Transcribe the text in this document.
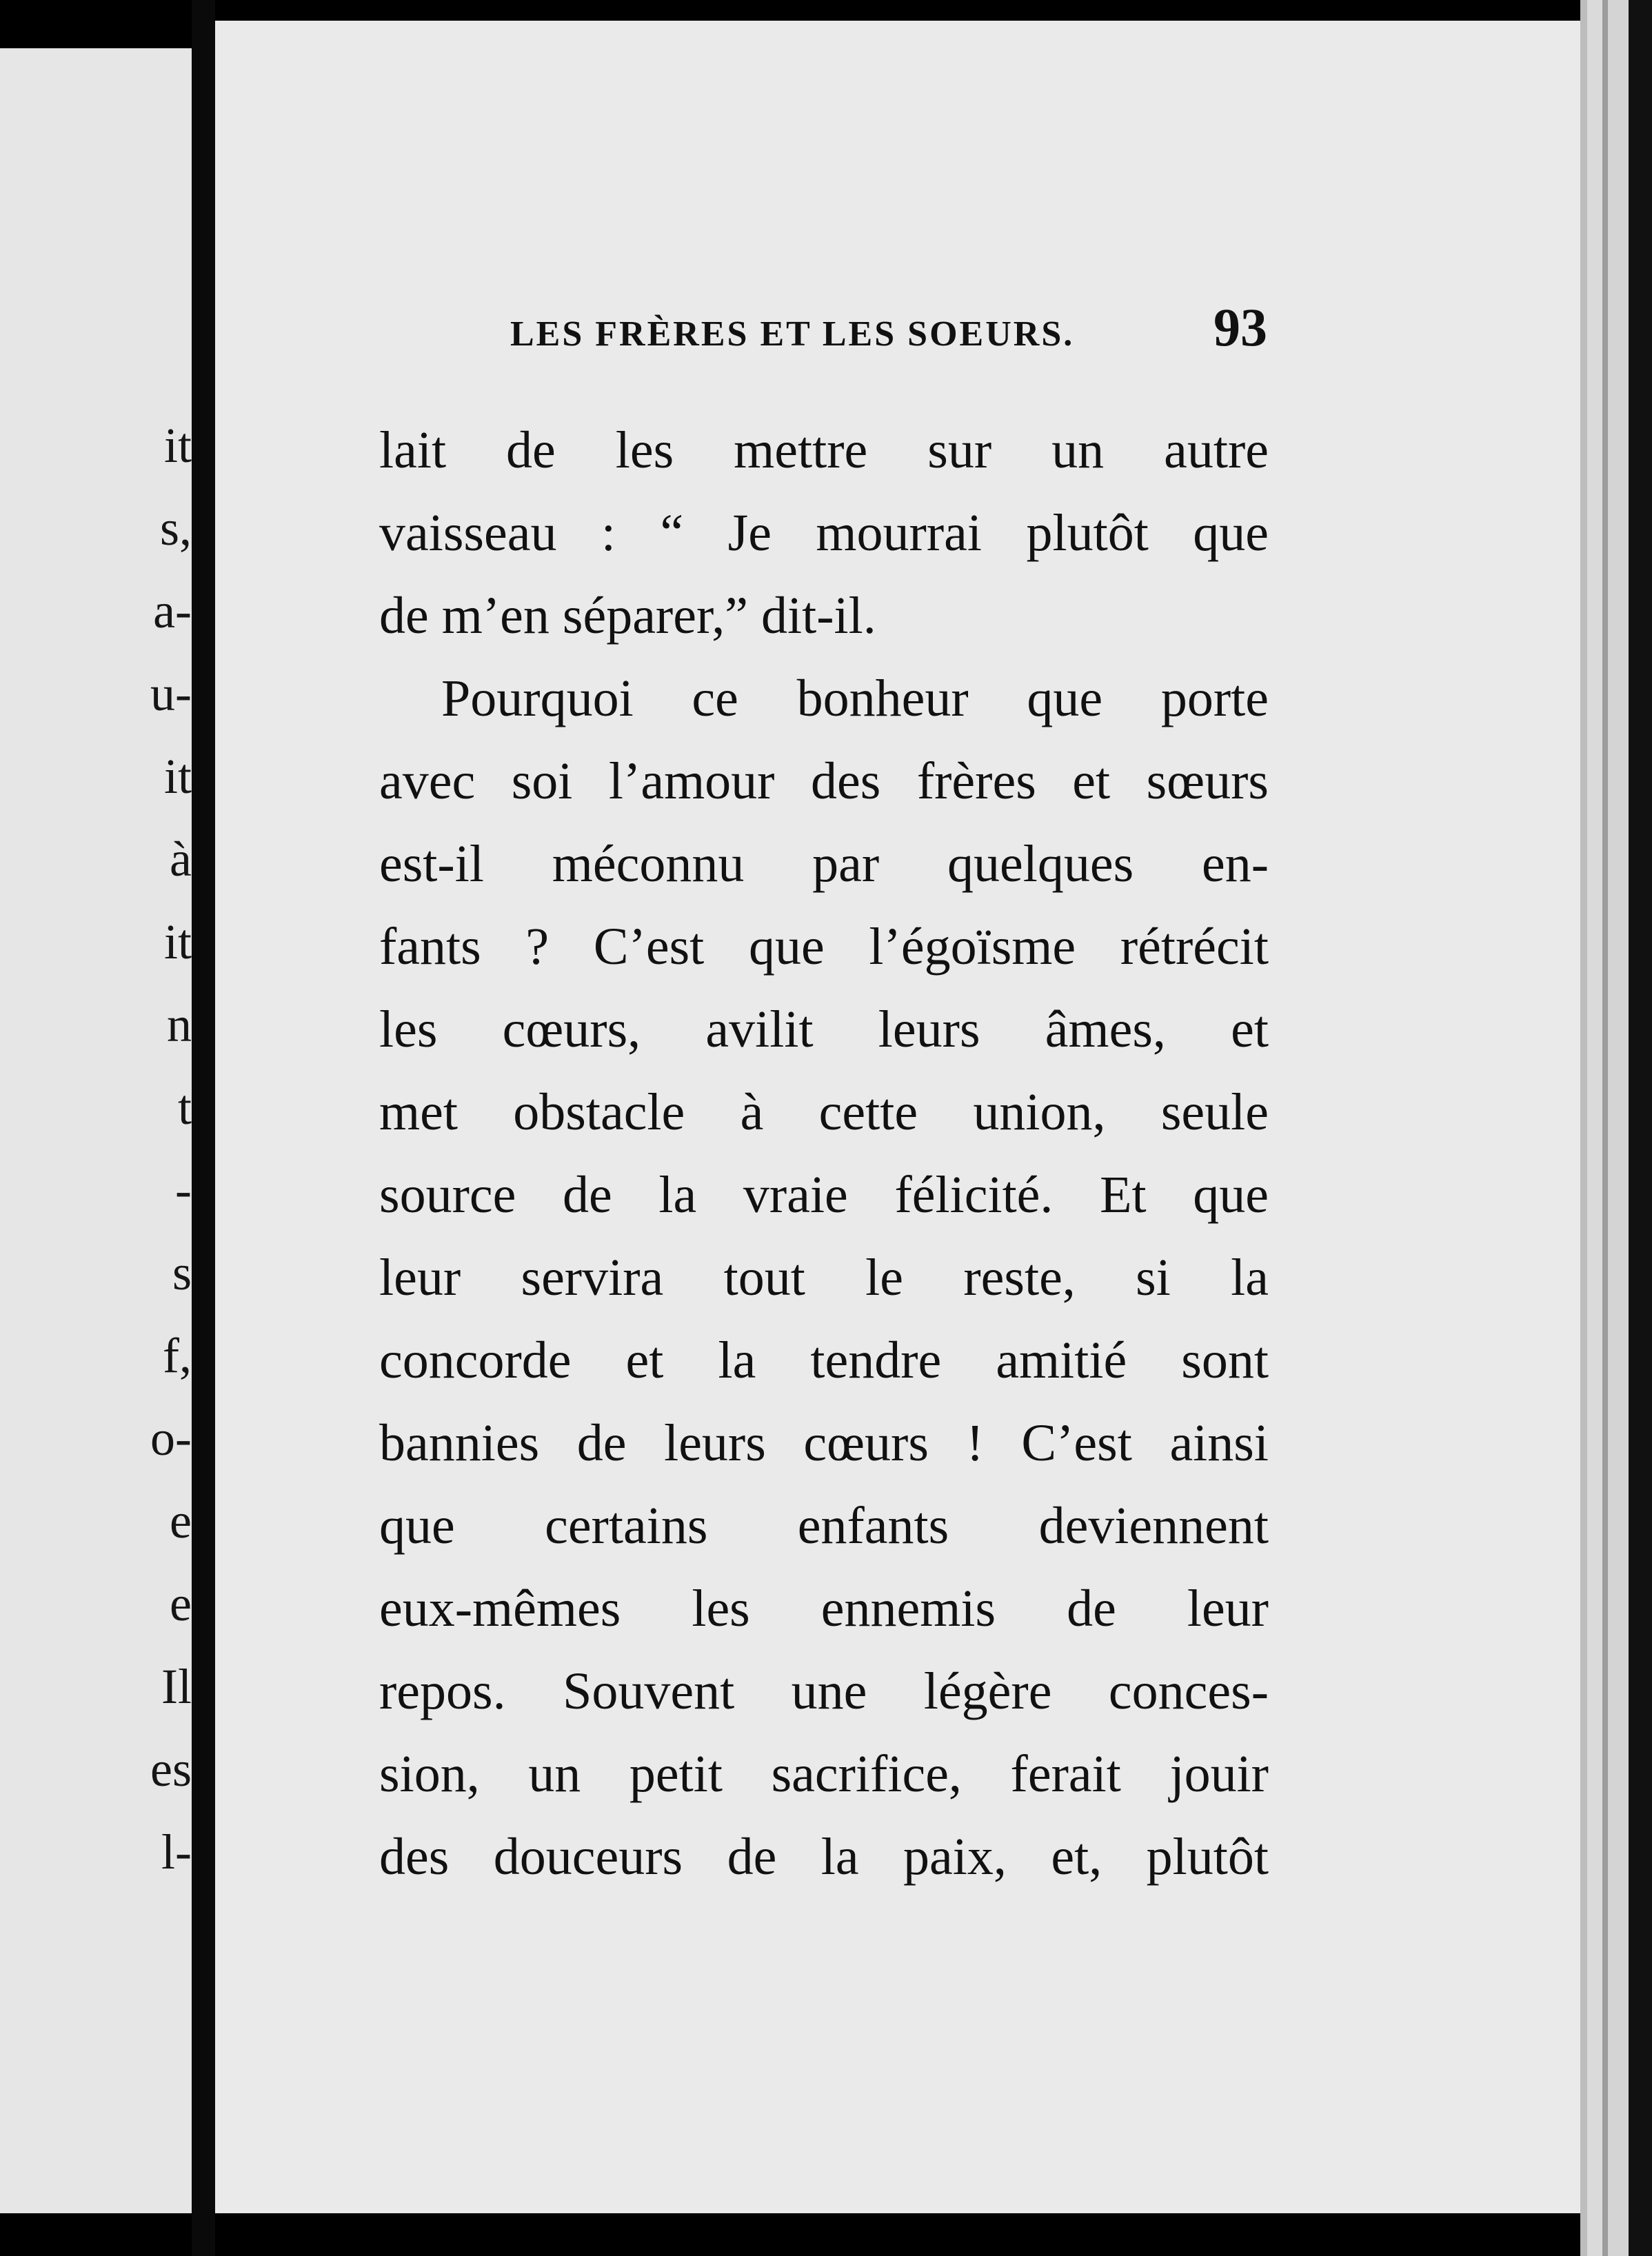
it
s,
a-
u-
it
à
it
n
t
-
s
f,
o-
e
e
Il
es
l-
LES FRÈRES ET LES SOEURS.	93
lait de les mettre sur un autre
vaisseau : “ Je mourrai plutôt que
de m’en séparer,” dit-il.
Pourquoi ce bonheur que porte
avec soi l’amour des frères et sœurs
est-il méconnu par quelques en-
fants ? C’est que l’égoïsme rétrécit
les cœurs, avilit leurs âmes, et
met obstacle à cette union, seule
source de la vraie félicité. Et que
leur servira tout le reste, si la
concorde et la tendre amitié sont
bannies de leurs cœurs ! C’est ainsi
que certains enfants deviennent
eux-mêmes les ennemis de leur
repos. Souvent une légère conces-
sion, un petit sacrifice, ferait jouir
des douceurs de la paix, et, plutôt
